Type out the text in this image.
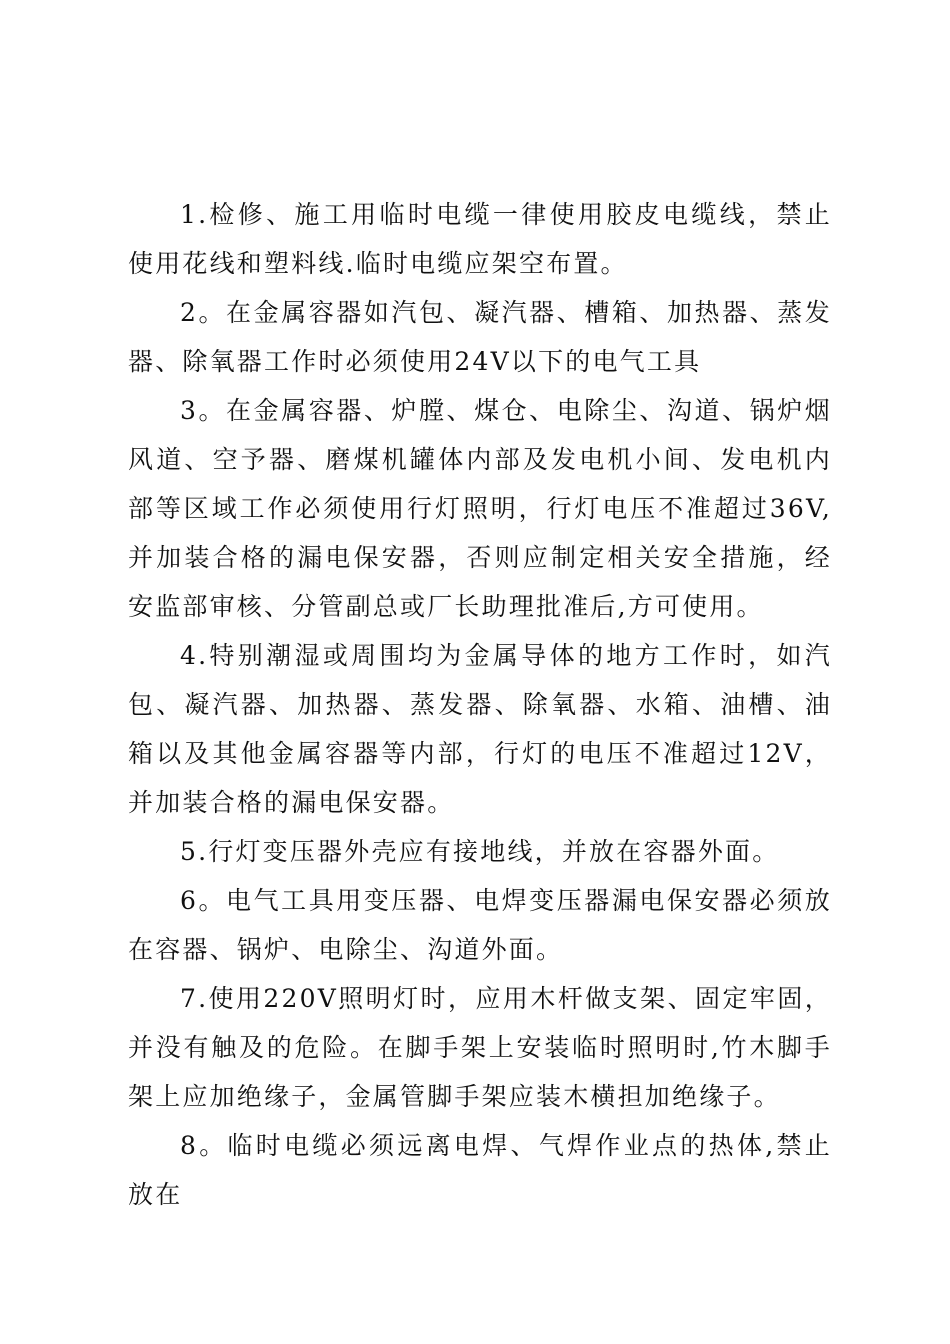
1.检修、施工用临时电缆一律使用胶皮电缆线，禁止使用花线和塑料线.临时电缆应架空布置。

2。在金属容器如汽包、凝汽器、槽箱、加热器、蒸发器、除氧器工作时必须使用24V以下的电气工具

3。在金属容器、炉膛、煤仓、电除尘、沟道、锅炉烟风道、空予器、磨煤机罐体内部及发电机小间、发电机内部等区域工作必须使用行灯照明，行灯电压不准超过36V,并加装合格的漏电保安器，否则应制定相关安全措施，经安监部审核、分管副总或厂长助理批准后,方可使用。

4.特别潮湿或周围均为金属导体的地方工作时，如汽包、凝汽器、加热器、蒸发器、除氧器、水箱、油槽、油箱以及其他金属容器等内部，行灯的电压不准超过12V，并加装合格的漏电保安器。

5.行灯变压器外壳应有接地线，并放在容器外面。

6。电气工具用变压器、电焊变压器漏电保安器必须放在容器、锅炉、电除尘、沟道外面。

7.使用220V照明灯时，应用木杆做支架、固定牢固，并没有触及的危险。在脚手架上安装临时照明时,竹木脚手架上应加绝缘子，金属管脚手架应装木横担加绝缘子。

8。临时电缆必须远离电焊、气焊作业点的热体,禁止放在
